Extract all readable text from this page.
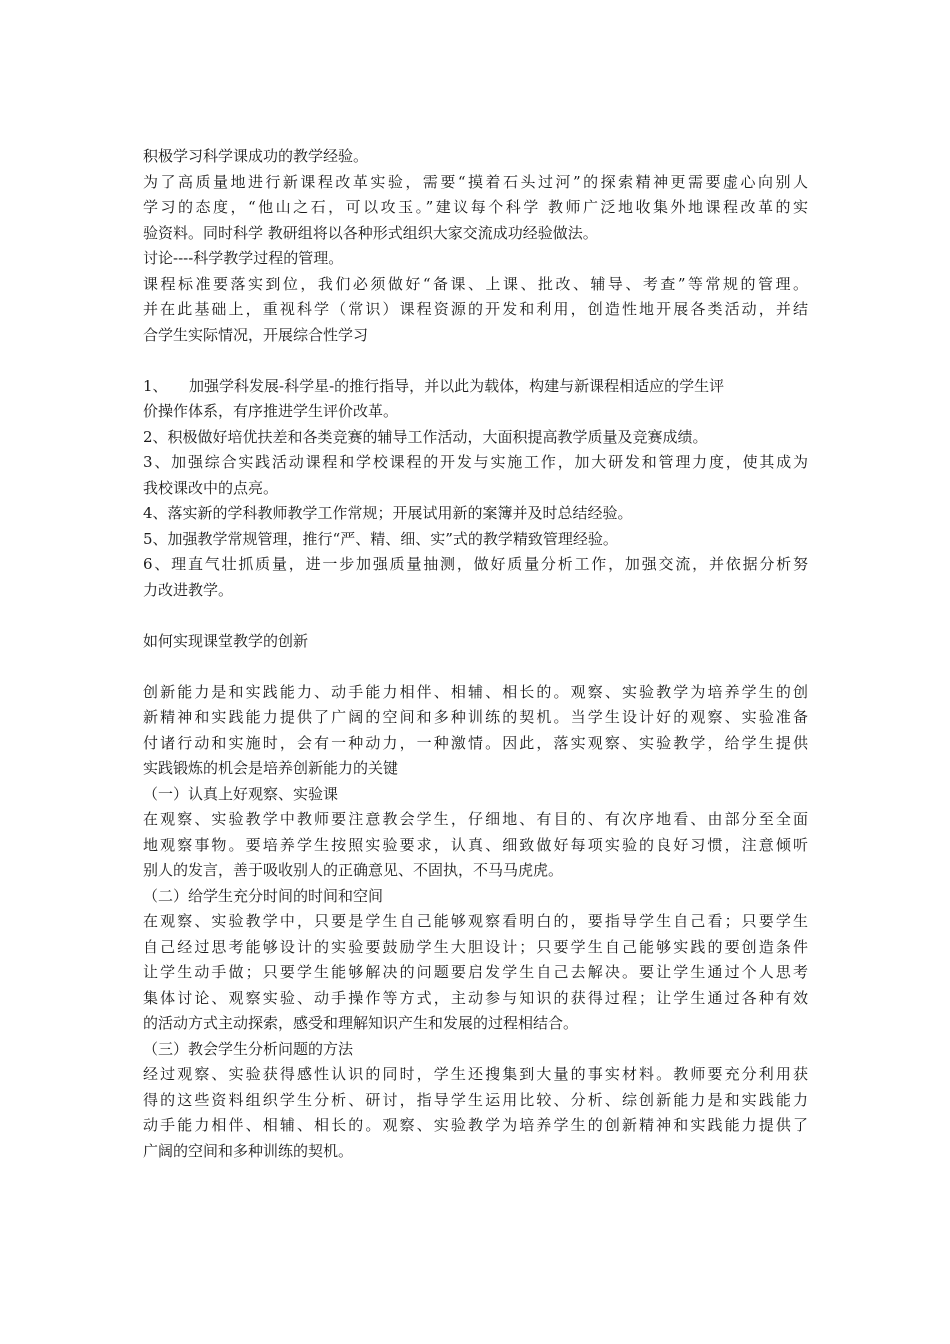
积极学习科学课成功的教学经验。
为了高质量地进行新课程改革实验，需要“摸着石头过河”的探索精神更需要虚心向别人
学习的态度，“他山之石，可以攻玉。”建议每个科学 教师广泛地收集外地课程改革的实
验资料。同时科学 教研组将以各种形式组织大家交流成功经验做法。
讨论----科学教学过程的管理。
课程标准要落实到位，我们必须做好“备课、上课、批改、辅导、考查”等常规的管理。
并在此基础上，重视科学（常识）课程资源的开发和利用，创造性地开展各类活动，并结
合学生实际情况，开展综合性学习
1、 加强学科发展-科学星-的推行指导，并以此为载体，构建与新课程相适应的学生评
价操作体系，有序推进学生评价改革。
2、积极做好培优扶差和各类竞赛的辅导工作活动，大面积提高教学质量及竞赛成绩。
3、加强综合实践活动课程和学校课程的开发与实施工作，加大研发和管理力度，使其成为
我校课改中的点亮。
4、落实新的学科教师教学工作常规；开展试用新的案簿并及时总结经验。
5、加强教学常规管理，推行“严、精、细、实”式的教学精致管理经验。
6、理直气壮抓质量，进一步加强质量抽测，做好质量分析工作，加强交流，并依据分析努
力改进教学。
如何实现课堂教学的创新
创新能力是和实践能力、动手能力相伴、相辅、相长的。观察、实验教学为培养学生的创
新精神和实践能力提供了广阔的空间和多种训练的契机。当学生设计好的观察、实验准备
付诸行动和实施时，会有一种动力，一种激情。因此，落实观察、实验教学，给学生提供
实践锻炼的机会是培养创新能力的关键
（一）认真上好观察、实验课
在观察、实验教学中教师要注意教会学生，仔细地、有目的、有次序地看、由部分至全面
地观察事物。要培养学生按照实验要求，认真、细致做好每项实验的良好习惯，注意倾听
别人的发言，善于吸收别人的正确意见、不固执，不马马虎虎。
（二）给学生充分时间的时间和空间
在观察、实验教学中，只要是学生自己能够观察看明白的，要指导学生自己看；只要学生
自己经过思考能够设计的实验要鼓励学生大胆设计；只要学生自己能够实践的要创造条件
让学生动手做；只要学生能够解决的问题要启发学生自己去解决。要让学生通过个人思考
集体讨论、观察实验、动手操作等方式，主动参与知识的获得过程；让学生通过各种有效
的活动方式主动探索，感受和理解知识产生和发展的过程相结合。
（三）教会学生分析问题的方法
经过观察、实验获得感性认识的同时，学生还搜集到大量的事实材料。教师要充分利用获
得的这些资料组织学生分析、研讨，指导学生运用比较、分析、综创新能力是和实践能力
动手能力相伴、相辅、相长的。观察、实验教学为培养学生的创新精神和实践能力提供了
广阔的空间和多种训练的契机。
